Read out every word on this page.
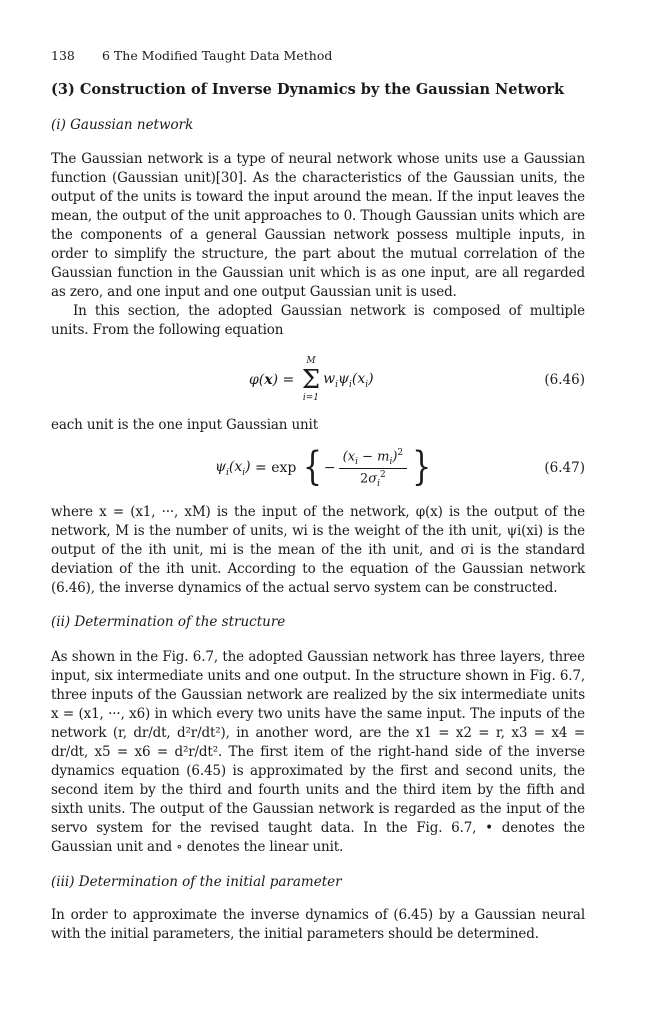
138 6 The Modified Taught Data Method
(3) Construction of Inverse Dynamics by the Gaussian Network
(i) Gaussian network

The Gaussian network is a type of neural network whose units use a Gaussian function (Gaussian unit)[30]. As the characteristics of the Gaussian units, the output of the units is toward the input around the mean. If the input leaves the mean, the output of the unit approaches to 0. Though Gaussian units which are the components of a general Gaussian network possess multiple inputs, in order to simplify the structure, the part about the mutual correlation of the Gaussian function in the Gaussian unit which is as one input, are all regarded as zero, and one input and one output Gaussian unit is used.

In this section, the adopted Gaussian network is composed of multiple units. From the following equation

φ(x) =
M
Σ
i=1
$w_i\psi_i(x_i)$	(6.46)

each unit is the one input Gaussian unit

$\psi_i(x_i) = \exp$ { − $\frac{(x_i - m_i)^2}{2\sigma_i^2}$ }	(6.47)

where x = (x1, ···, xM) is the input of the network, φ(x) is the output of the network, M is the number of units, wi is the weight of the ith unit, ψi(xi) is the output of the ith unit, mi is the mean of the ith unit, and σi is the standard deviation of the ith unit. According to the equation of the Gaussian network (6.46), the inverse dynamics of the actual servo system can be constructed.

(ii) Determination of the structure

As shown in the Fig. 6.7, the adopted Gaussian network has three layers, three input, six intermediate units and one output. In the structure shown in Fig. 6.7, three inputs of the Gaussian network are realized by the six intermediate units x = (x1, ···, x6) in which every two units have the same input. The inputs of the network (r, dr/dt, d²r/dt²), in another word, are the x1 = x2 = r, x3 = x4 = dr/dt, x5 = x6 = d²r/dt². The first item of the right-hand side of the inverse dynamics equation (6.45) is approximated by the first and second units, the second item by the third and fourth units and the third item by the fifth and sixth units. The output of the Gaussian network is regarded as the input of the servo system for the revised taught data. In the Fig. 6.7, • denotes the Gaussian unit and ∘ denotes the linear unit.

(iii) Determination of the initial parameter

In order to approximate the inverse dynamics of (6.45) by a Gaussian neural with the initial parameters, the initial parameters should be determined.
